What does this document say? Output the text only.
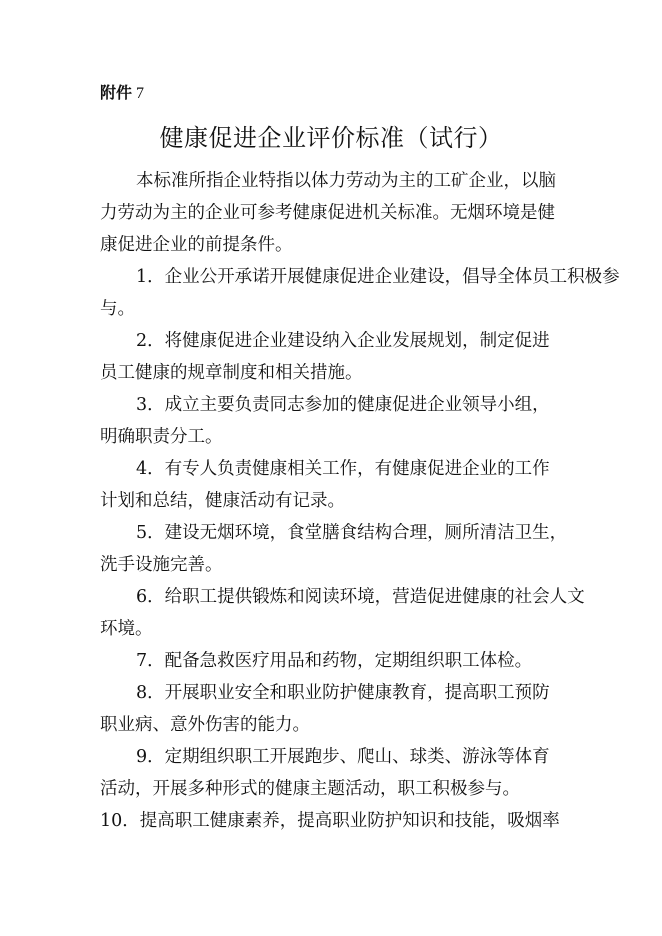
附件 7
健康促进企业评价标准（试行）
本标准所指企业特指以体力劳动为主的工矿企业，以脑
力劳动为主的企业可参考健康促进机关标准。无烟环境是健
康促进企业的前提条件。
1．企业公开承诺开展健康促进企业建设，倡导全体员工积极参
与。
2．将健康促进企业建设纳入企业发展规划，制定促进
员工健康的规章制度和相关措施。
3．成立主要负责同志参加的健康促进企业领导小组，
明确职责分工。
4．有专人负责健康相关工作，有健康促进企业的工作
计划和总结，健康活动有记录。
5．建设无烟环境，食堂膳食结构合理，厕所清洁卫生，
洗手设施完善。
6．给职工提供锻炼和阅读环境，营造促进健康的社会人文
环境。
7．配备急救医疗用品和药物，定期组织职工体检。
8．开展职业安全和职业防护健康教育，提高职工预防
职业病、意外伤害的能力。
9．定期组织职工开展跑步、爬山、球类、游泳等体育
活动，开展多种形式的健康主题活动，职工积极参与。
10．提高职工健康素养，提高职业防护知识和技能，吸烟率
